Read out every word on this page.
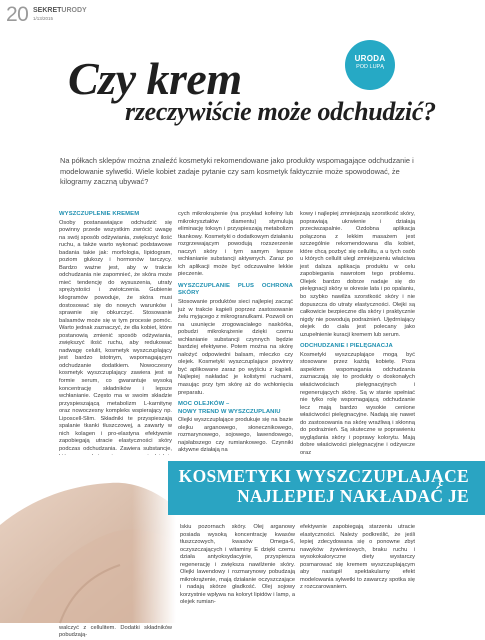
20 SEKRETURODY
1/13/2015
URODA
POD LUPĄ
Czy krem
rzeczywiście może odchudzić?

Na półkach sklepów można znaleźć kosmetyki rekomendowane jako produkty wspomagające odchudzanie i modelowanie sylwetki. Wiele kobiet zadaje pytanie czy sam kosmetyk faktycznie może spowodować, że kilogramy zaczną ubywać?

WYSZCZUPLENIE KREMEM

Osoby postanawiające odchudzić się powinny przede wszystkim zwrócić uwagę na swój sposób odżywiania, zwiększyć ilość ruchu, a także warto wykonać podstawowe badania takie jak: morfologia, lipidogram, poziom glukozy i hormonów tarczycy. Bardzo ważne jest, aby w trakcie odchudzania nie zapomnieć, że skóra może mieć tendencję do wysuszenia, utraty sprężystości i zwiotczenia. Gubienie kilogramów powoduje, że skóra musi dostosować się do nowych warunków i sprawnie się obkurczyć. Stosowanie balsamów może się w tym procesie pomóc. Warto jednak zaznaczyć, że dla kobiet, które postanowią zmienić sposób odżywiania, zwiększyć ilość ruchu, aby redukować nadwagę celulit, kosmetyk wyszczuplający jest bardzo istotnym, wspomagającym odchudzanie dodatkiem. Nowoczesny kosmetyk wyszczuplający zawiera jest w formie serum, co gwarantuje wysoką koncentrację składników i lepsze wchłanianie. Często ma w swoim składzie przyspieszającą metabolizm L-karnitynę oraz nowoczesny kompleks wspierający np. Liposcell-Slim. Składniki te przyspieszają spalanie tkanki tłuszczowej, a zawarty w nich kolagen i pro-elastyna efektywnie zapobiegają utracie elastyczności skóry podczas odchudzania. Zawiera substancje,

walczyć z cellulitem. Dodatki składników pobudzają-

cych mikrokrążenie (na przykład kofeiny lub mikrokryształów diamentu) stymulują eliminację toksyn i przyspieszają metabolizm tkankowy. Kosmetyki o dodatkowym działaniu rozgrzewającym powodują rozszerzenie naczyń skóry i tym samym lepsze wchłanianie substancji aktywnych. Zaraz po ich aplikacji może być odczuwalne lekkie pieczenie.

WYSZCZUPLANIE PLUS OCHRONA SKÓRY

Stosowanie produktów sieci najlepiej zacząć już w trakcie kąpieli poprzez zastosowanie żelu myjącego z mikrogranulkami. Pozwoli on na usunięcie zrogowaciałego naskórka, pobudzi mikrokrążenie dzięki czemu wchłanianie substancji czynnych będzie bardziej efektywne. Potem można na skórę nałożyć odpowiedni balsam, mleczko czy olejek. Kosmetyki wyszczuplające powinny być aplikowane zaraz po wyjściu z kąpieli. Najlepiej nakładać je kolistymi ruchami, masując przy tym skórę aż do wchłonięcia preparatu.

MOC OLEJKÓW –
NOWY TREND W WYSZCZUPLANIU

Olejki wyszczuplające produkuje się na bazie olejku arganowego, słonecznikowego, rozmarynowego, sojowego, lawendowego, najsłabszego czy rumiankowego. Czynniki aktywne działają na

kowy i najlepiej zmniejszają szorstkość skóry, poprawiają ukrwienie i działają przeciwzapalnie. Ozdobna aplikacja połączona z lekkim masażem jest szczególnie rekomendowana dla kobiet, które chcą pozbyć się cellulitu, a u tych osób u których cellulit ulegl zmniejszeniu właściwa jest dalsza aplikacja produktu w celu zapobiegania nawrotom tego problemu. Olejek bardzo dobrze nadaje się do pielęgnacji skóry w okresie lata i po opalaniu, bo szybko nawilża szorstkość skóry i nie dopuszcza do utraty elastyczności. Olejki są całkowicie bezpieczne dla skóry i praktycznie nigdy nie powodują podrażnień. Ujędrniający olejek do ciała jest polecany jako uzupełnienie kuracji kremem lub serum.

ODCHUDZANIE I PIELĘGNACJA

Kosmetyki wyszczuplające mogą być stosowane przez każdą kobietę. Poza aspektem wspomagania odchudzania zaznaczają się to produkty o doskonałych właściwościach pielęgnacyjnych i regenerujących skórę. Są w stanie spełniać nie tylko rolę wspomagającą odchudzanie lecz mają bardzo wysokie cenione właściwości pielęgnacyjne. Nadają się nawet do zastosowania na skórę wrażliwą i skłonną do podrażnień. Są skuteczne w poprawieniu wyglądania skóry i poprawy kolorytu. Mają dobre właściwości pielęgnacyjne i odżywcze oraz

KOSMETYKI WYSZCZUPLAJĄCE
NAJLEPIEJ NAKŁADAĆ JE

lskiu pozornach skóry. Olej arganowy posiada wysoką koncentrację kwasów tłuszczowych, kwasów Omega-6, oczyszczających i witaminy E dzięki czemu działa antyoksydacyjnie, przyspiesza regenerację i zwiększa nawilżenie skóry. Olejki lawendowy i rozmarynowy pobudzają mikrokrążenie, mają działanie oczyszczające i nadają skórze gładkość. Olej sojowy korzystnie wpływa na koloryt lipidów i lamp, a olejek rumian-

efektywnie zapobiegają starzeniu utracie elastyczności. Należy podkreślić, że jeśli lepiej zdecydowana się o ponowne zbyt nawyków żywieniowych, braku ruchu i wysokokaloryczne diety wystarczy posmarować się kremem wyszczuplającym aby nastąpił spektakularny efekt modelowania sylwetki to zawarczy spotka się z rozczarowaniem.
